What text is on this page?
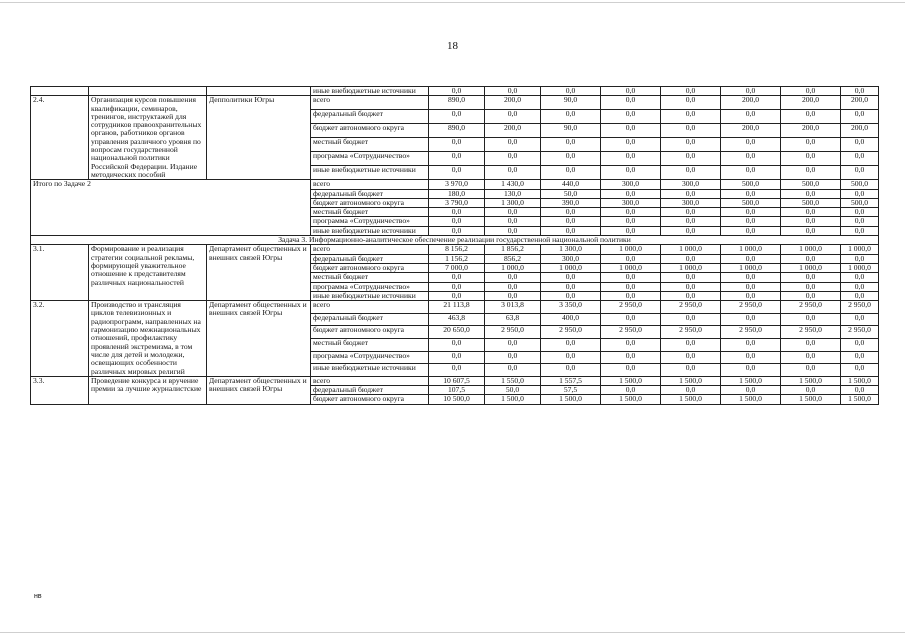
18
			иные внебюджетные источники	0,0	0,0	0,0	0,0	0,0	0,0	0,0	0,0
2.4.	Организация курсов повышения квалификации, семинаров, тренингов, инструктажей для сотрудников правоохранительных органов, работников органов управления различного уровня по вопросам государственной национальной политики Российской Федерации. Издание методических пособий	Депполитики Югры	всего	890,0	200,0	90,0	0,0	0,0	200,0	200,0	200,0
			федеральный бюджет	0,0	0,0	0,0	0,0	0,0	0,0	0,0	0,0
			бюджет автономного округа	890,0	200,0	90,0	0,0	0,0	200,0	200,0	200,0
			местный бюджет	0,0	0,0	0,0	0,0	0,0	0,0	0,0	0,0
			программа «Сотрудничество»	0,0	0,0	0,0	0,0	0,0	0,0	0,0	0,0
			иные внебюджетные источники	0,0	0,0	0,0	0,0	0,0	0,0	0,0	0,0
Итого по Задаче 2			всего	3 970,0	1 430,0	440,0	300,0	300,0	500,0	500,0	500,0
			федеральный бюджет	180,0	130,0	50,0	0,0	0,0	0,0	0,0	0,0
			бюджет автономного округа	3 790,0	1 300,0	390,0	300,0	300,0	500,0	500,0	500,0
			местный бюджет	0,0	0,0	0,0	0,0	0,0	0,0	0,0	0,0
			программа «Сотрудничество»	0,0	0,0	0,0	0,0	0,0	0,0	0,0	0,0
			иные внебюджетные источники	0,0	0,0	0,0	0,0	0,0	0,0	0,0	0,0
Задача 3. Информационно-аналитическое обеспечение реализации государственной национальной политики											
3.1.	Формирование и реализация стратегии социальной рекламы, формирующей уважительное отношение к представителям различных национальностей	Департамент общественных и внешних связей Югры	всего	8 156,2	1 856,2	1 300,0	1 000,0	1 000,0	1 000,0	1 000,0	1 000,0
			федеральный бюджет	1 156,2	856,2	300,0	0,0	0,0	0,0	0,0	0,0
			бюджет автономного округа	7 000,0	1 000,0	1 000,0	1 000,0	1 000,0	1 000,0	1 000,0	1 000,0
			местный бюджет	0,0	0,0	0,0	0,0	0,0	0,0	0,0	0,0
			программа «Сотрудничество»	0,0	0,0	0,0	0,0	0,0	0,0	0,0	0,0
			иные внебюджетные источники	0,0	0,0	0,0	0,0	0,0	0,0	0,0	0,0
3.2.	Производство и трансляция циклов телевизионных и радиопрограмм, направленных на гармонизацию межнациональных отношений, профилактику проявлений экстремизма, в том числе для детей и молодежи, освещающих особенности различных мировых религий	Департамент общественных и внешних связей Югры	всего	21 113,8	3 013,8	3 350,0	2 950,0	2 950,0	2 950,0	2 950,0	2 950,0
			федеральный бюджет	463,8	63,8	400,0	0,0	0,0	0,0	0,0	0,0
			бюджет автономного округа	20 650,0	2 950,0	2 950,0	2 950,0	2 950,0	2 950,0	2 950,0	2 950,0
			местный бюджет	0,0	0,0	0,0	0,0	0,0	0,0	0,0	0,0
			программа «Сотрудничество»	0,0	0,0	0,0	0,0	0,0	0,0	0,0	0,0
			иные внебюджетные источники	0,0	0,0	0,0	0,0	0,0	0,0	0,0	0,0
3.3.	Проведение конкурса и вручение премии за лучшие журналистские	Департамент общественных и внешних связей Югры	всего	10 607,5	1 550,0	1 557,5	1 500,0	1 500,0	1 500,0	1 500,0	1 500,0
			федеральный бюджет	107,5	50,0	57,5	0,0	0,0	0,0	0,0	0,0
			бюджет автономного округа	10 500,0	1 500,0	1 500,0	1 500,0	1 500,0	1 500,0	1 500,0	1 500,0
нв
